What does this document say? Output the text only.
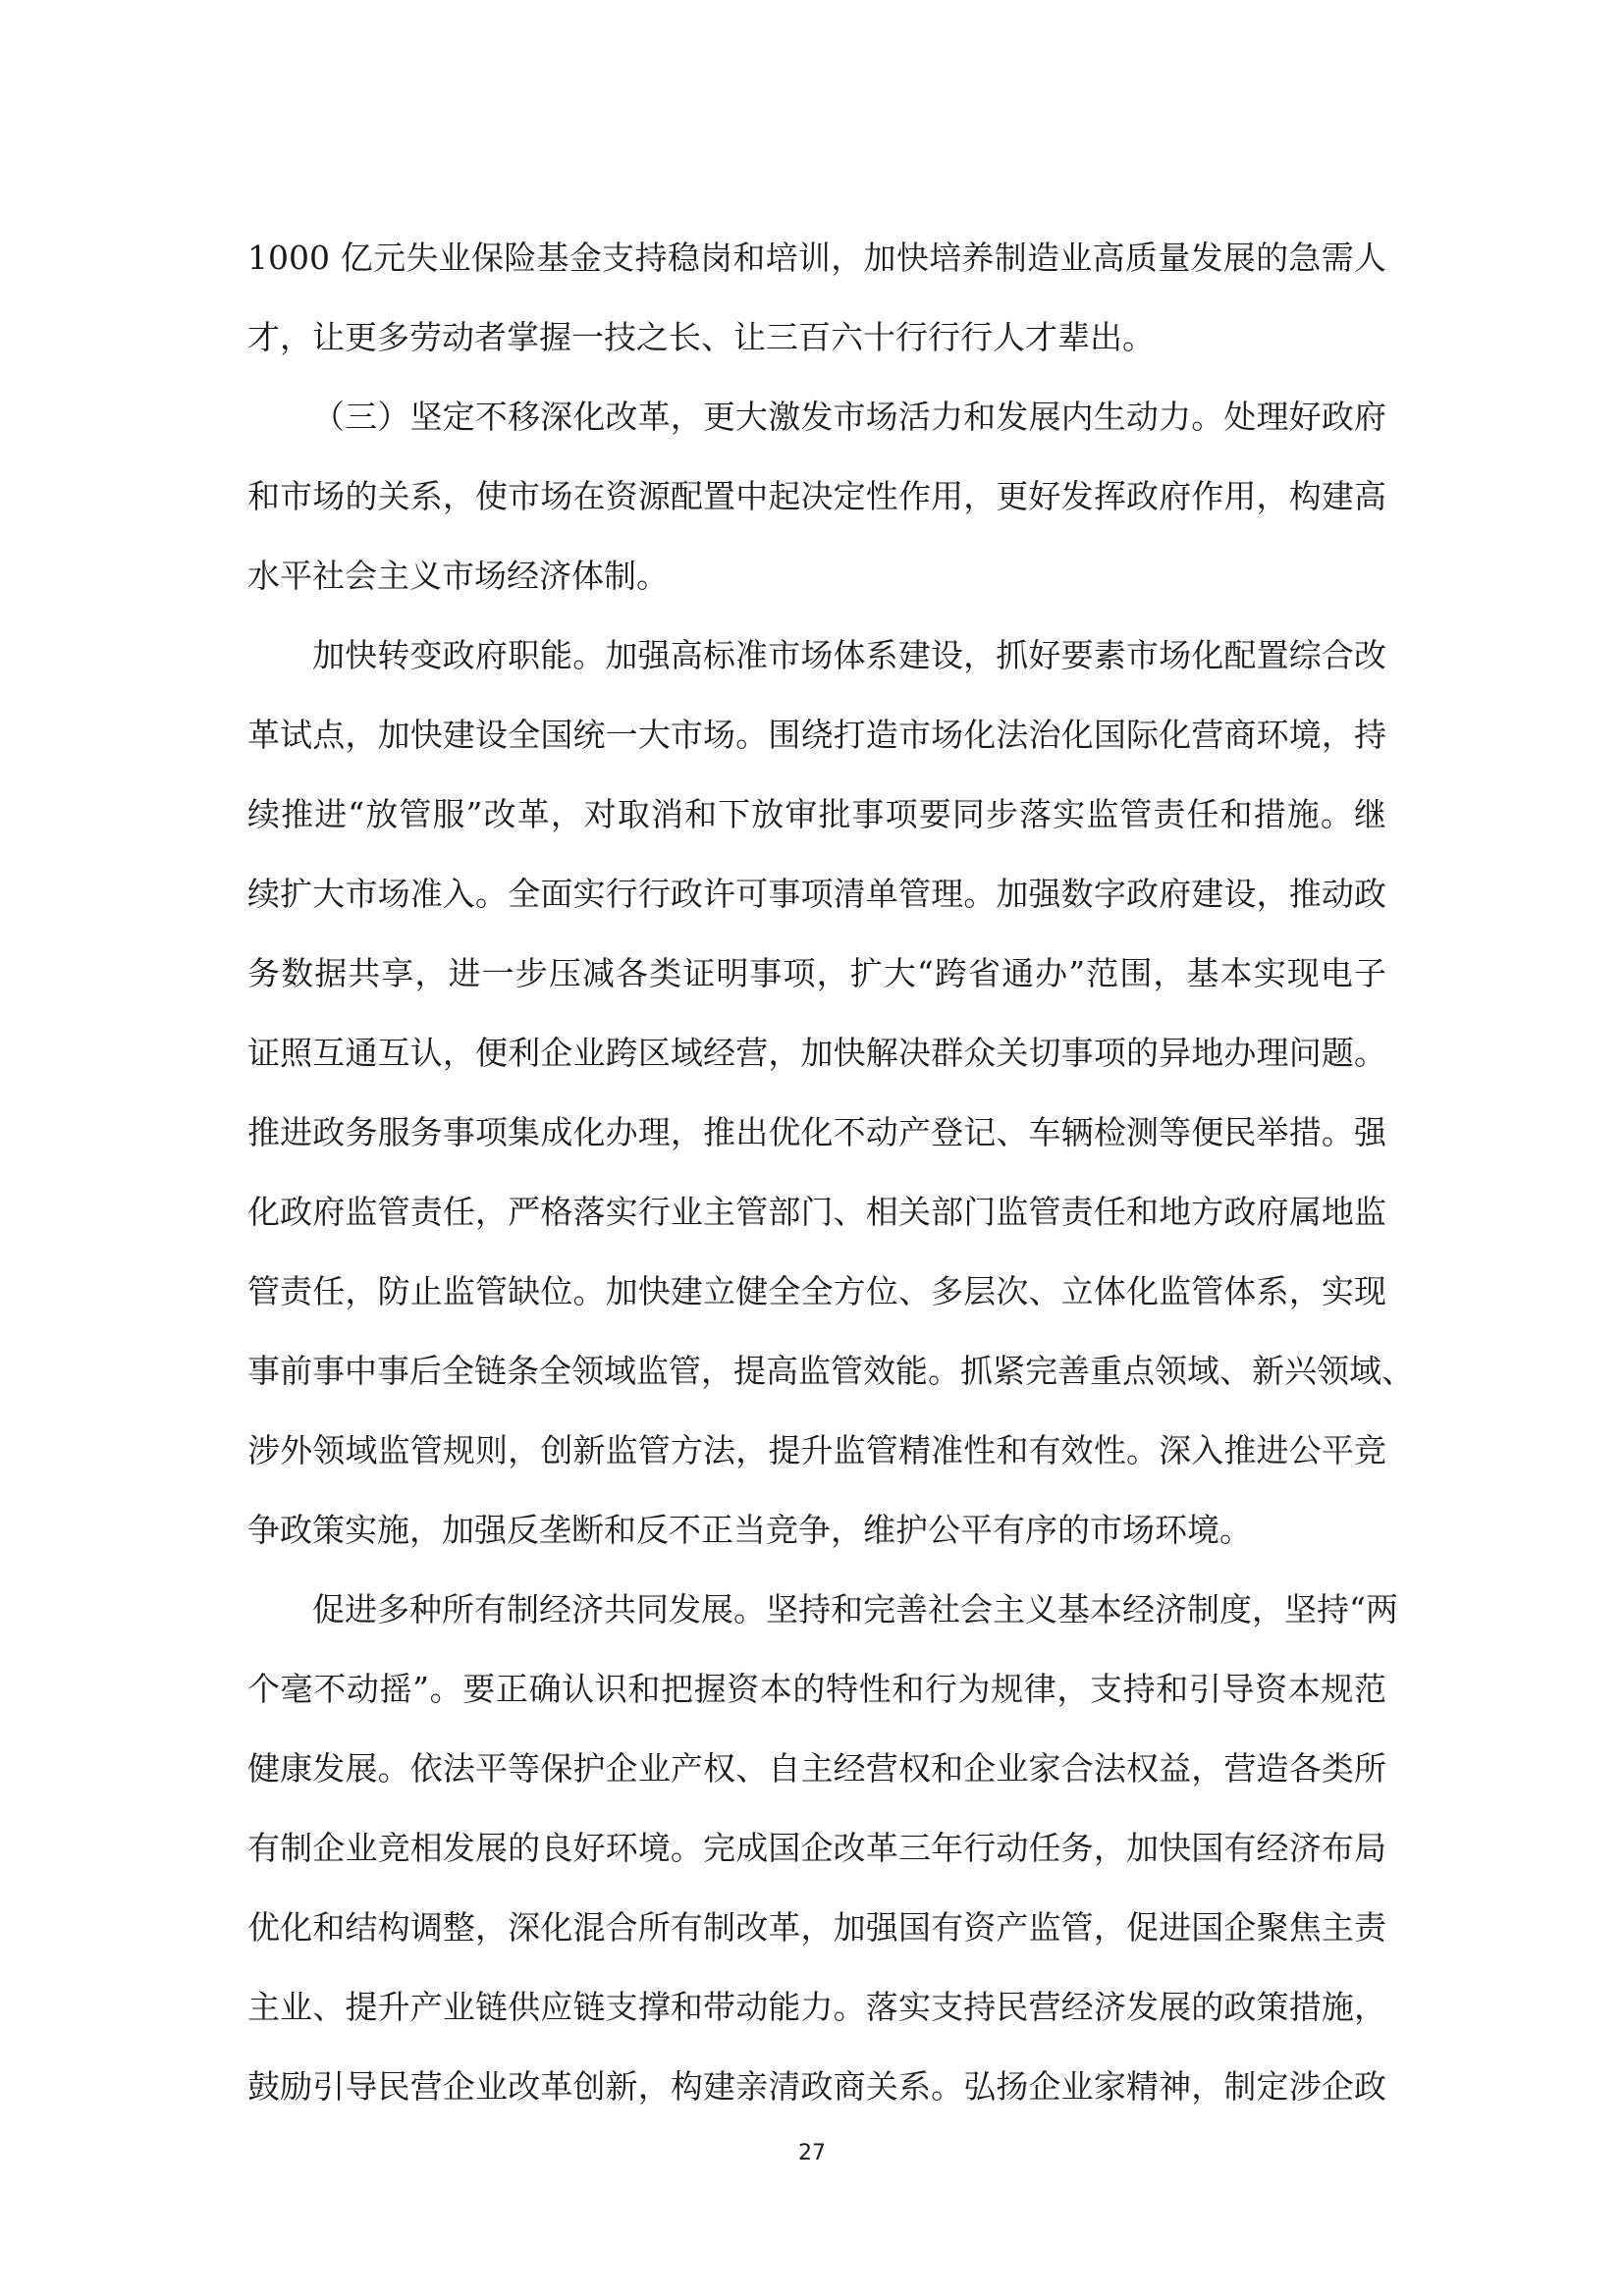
1000 亿元失业保险基金支持稳岗和培训，加快培养制造业高质量发展的急需人
才，让更多劳动者掌握一技之长、让三百六十行行行人才辈出。
（三）坚定不移深化改革，更大激发市场活力和发展内生动力。处理好政府
和市场的关系，使市场在资源配置中起决定性作用，更好发挥政府作用，构建高
水平社会主义市场经济体制。
加快转变政府职能。加强高标准市场体系建设，抓好要素市场化配置综合改
革试点，加快建设全国统一大市场。围绕打造市场化法治化国际化营商环境，持
续推进“放管服”改革，对取消和下放审批事项要同步落实监管责任和措施。继
续扩大市场准入。全面实行行政许可事项清单管理。加强数字政府建设，推动政
务数据共享，进一步压减各类证明事项，扩大“跨省通办”范围，基本实现电子
证照互通互认，便利企业跨区域经营，加快解决群众关切事项的异地办理问题。
推进政务服务事项集成化办理，推出优化不动产登记、车辆检测等便民举措。强
化政府监管责任，严格落实行业主管部门、相关部门监管责任和地方政府属地监
管责任，防止监管缺位。加快建立健全全方位、多层次、立体化监管体系，实现
事前事中事后全链条全领域监管，提高监管效能。抓紧完善重点领域、新兴领域、
涉外领域监管规则，创新监管方法，提升监管精准性和有效性。深入推进公平竞
争政策实施，加强反垄断和反不正当竞争，维护公平有序的市场环境。
促进多种所有制经济共同发展。坚持和完善社会主义基本经济制度，坚持“两
个毫不动摇”。要正确认识和把握资本的特性和行为规律，支持和引导资本规范
健康发展。依法平等保护企业产权、自主经营权和企业家合法权益，营造各类所
有制企业竞相发展的良好环境。完成国企改革三年行动任务，加快国有经济布局
优化和结构调整，深化混合所有制改革，加强国有资产监管，促进国企聚焦主责
主业、提升产业链供应链支撑和带动能力。落实支持民营经济发展的政策措施，
鼓励引导民营企业改革创新，构建亲清政商关系。弘扬企业家精神，制定涉企政
27
